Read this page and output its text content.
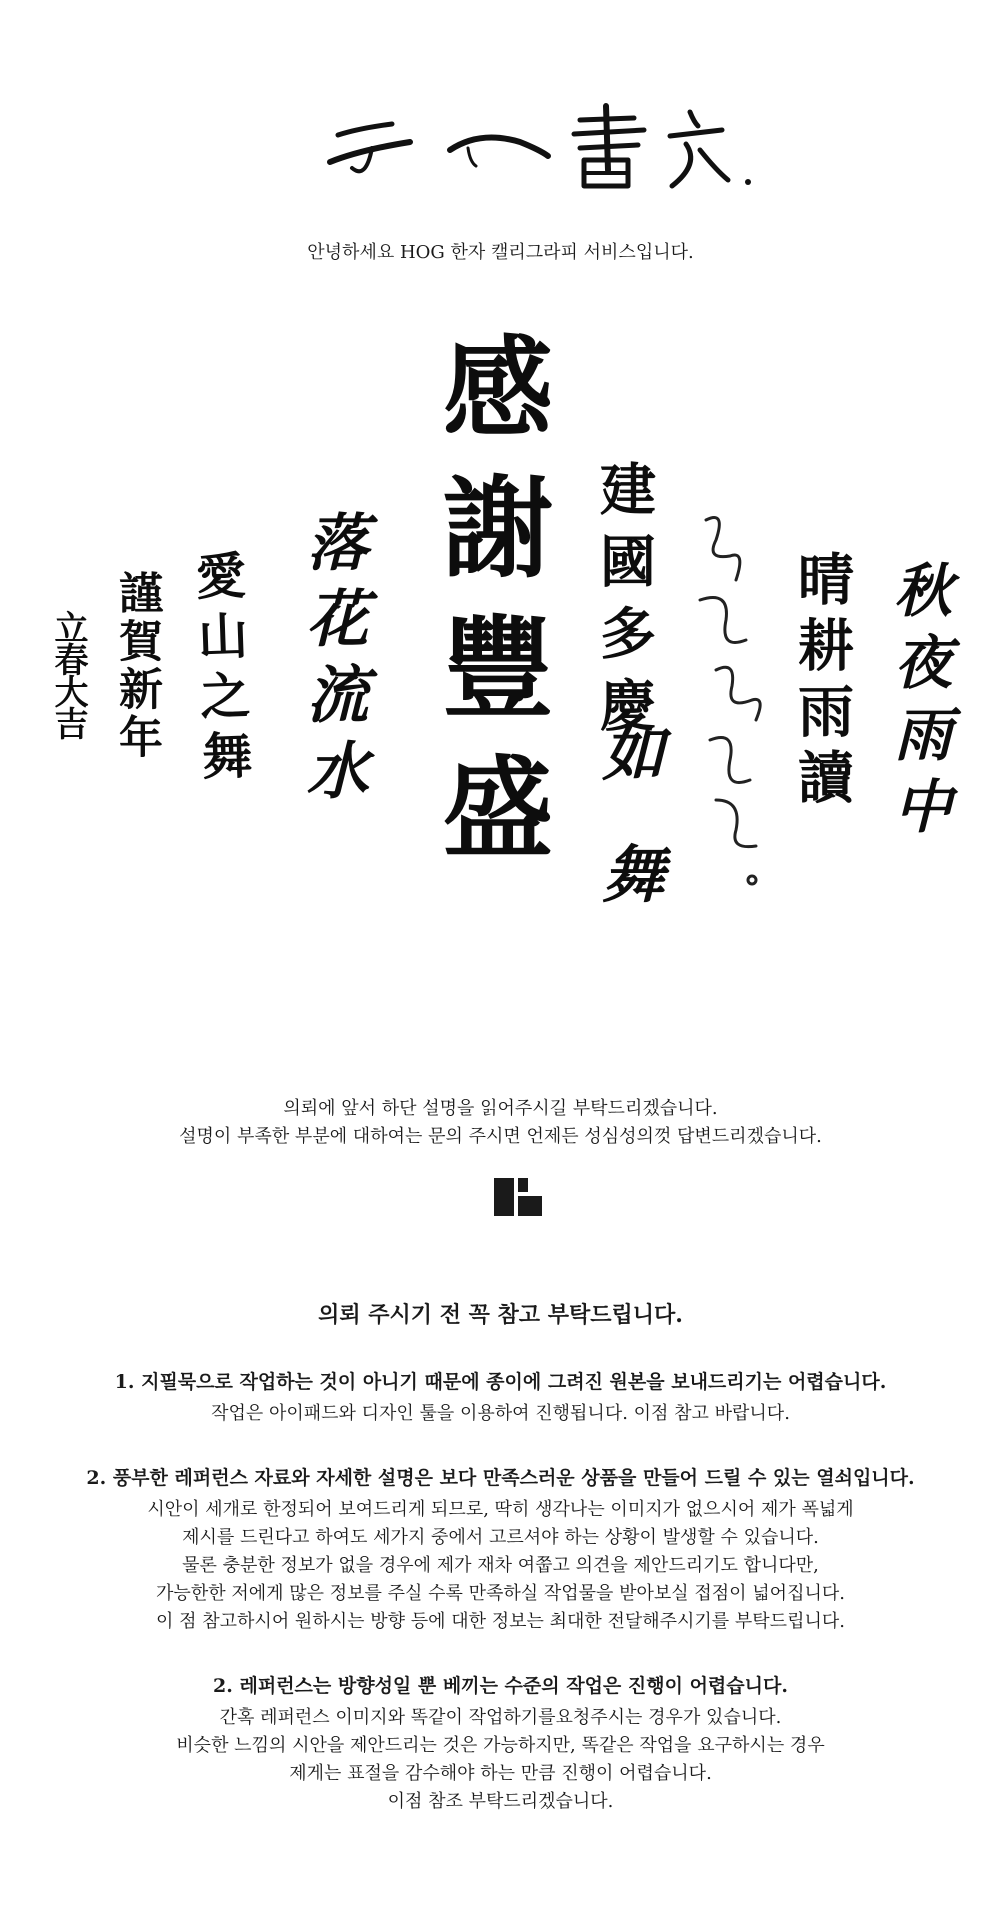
안녕하세요 HOG 한자 캘리그라피 서비스입니다.
立春大吉 謹賀新年 愛山之舞 落花流水 感謝豐盛 建國多慶
如舞
晴耕雨讀 秋夜雨中

의뢰에 앞서 하단 설명을 읽어주시길 부탁드리겠습니다.

설명이 부족한 부분에 대하여는 문의 주시면 언제든 성심성의껏 답변드리겠습니다.

의뢰 주시기 전 꼭 참고 부탁드립니다.
1. 지필묵으로 작업하는 것이 아니기 때문에 종이에 그려진 원본을 보내드리기는 어렵습니다.

작업은 아이패드와 디자인 툴을 이용하여 진행됩니다. 이점 참고 바랍니다.

2. 풍부한 레퍼런스 자료와 자세한 설명은 보다 만족스러운 상품을 만들어 드릴 수 있는 열쇠입니다.

시안이 세개로 한정되어 보여드리게 되므로, 딱히 생각나는 이미지가 없으시어 제가 폭넓게

제시를 드린다고 하여도 세가지 중에서 고르셔야 하는 상황이 발생할 수 있습니다.

물론 충분한 정보가 없을 경우에 제가 재차 여쭙고 의견을 제안드리기도 합니다만,

가능한한 저에게 많은 정보를 주실 수록 만족하실 작업물을 받아보실 접점이 넓어집니다.

이 점 참고하시어 원하시는 방향 등에 대한 정보는 최대한 전달해주시기를 부탁드립니다.

2. 레퍼런스는 방향성일 뿐 베끼는 수준의 작업은 진행이 어렵습니다.

간혹 레퍼런스 이미지와 똑같이 작업하기를요청주시는 경우가 있습니다.

비슷한 느낌의 시안을 제안드리는 것은 가능하지만, 똑같은 작업을 요구하시는 경우

제게는 표절을 감수해야 하는 만큼 진행이 어렵습니다.

이점 참조 부탁드리겠습니다.
